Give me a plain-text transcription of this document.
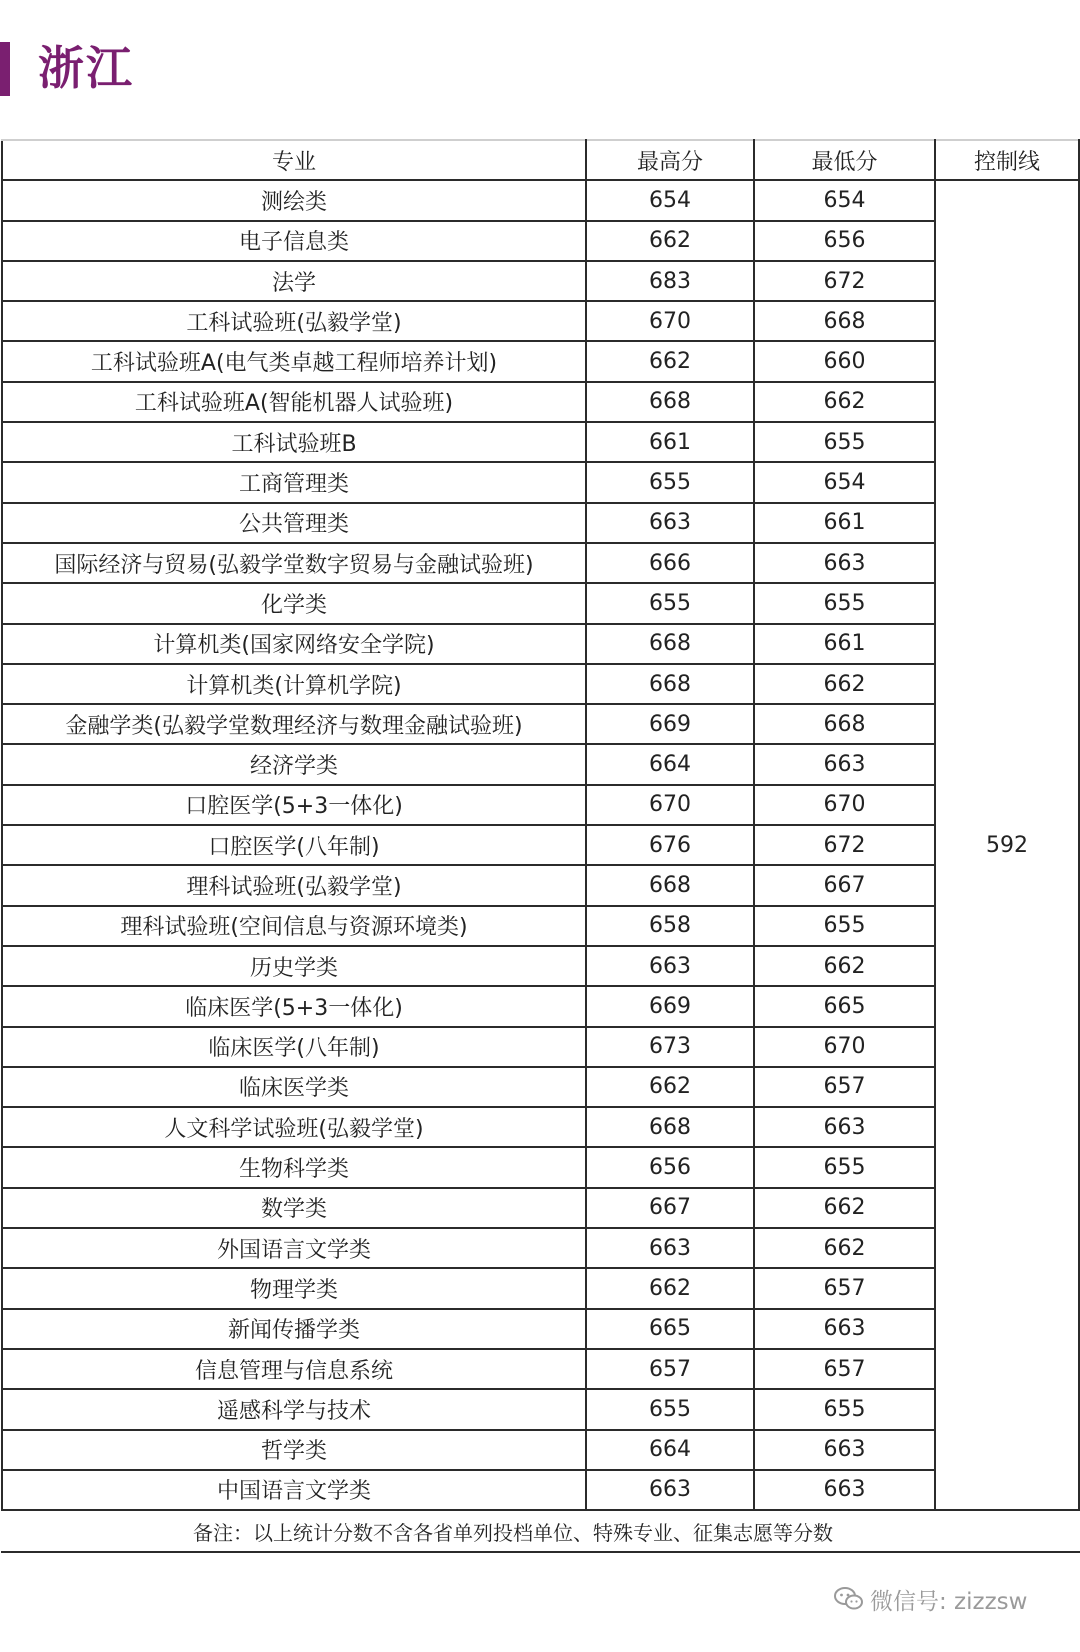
浙江
专业	最高分	最低分	控制线
测绘类	654	654	592
电子信息类	662	656	
法学	683	672	
工科试验班(弘毅学堂)	670	668	
工科试验班A(电气类卓越工程师培养计划)	662	660	
工科试验班A(智能机器人试验班)	668	662	
工科试验班B	661	655	
工商管理类	655	654	
公共管理类	663	661	
国际经济与贸易(弘毅学堂数字贸易与金融试验班)	666	663	
化学类	655	655	
计算机类(国家网络安全学院)	668	661	
计算机类(计算机学院)	668	662	
金融学类(弘毅学堂数理经济与数理金融试验班)	669	668	
经济学类	664	663	
口腔医学(5+3一体化)	670	670	
口腔医学(八年制)	676	672	
理科试验班(弘毅学堂)	668	667	
理科试验班(空间信息与资源环境类)	658	655	
历史学类	663	662	
临床医学(5+3一体化)	669	665	
临床医学(八年制)	673	670	
临床医学类	662	657	
人文科学试验班(弘毅学堂)	668	663	
生物科学类	656	655	
数学类	667	662	
外国语言文学类	663	662	
物理学类	662	657	
新闻传播学类	665	663	
信息管理与信息系统	657	657	
遥感科学与技术	655	655	
哲学类	664	663	
中国语言文学类	663	663	
备注：以上统计分数不含各省单列投档单位、特殊专业、征集志愿等分数			
微信号: zizzsw
